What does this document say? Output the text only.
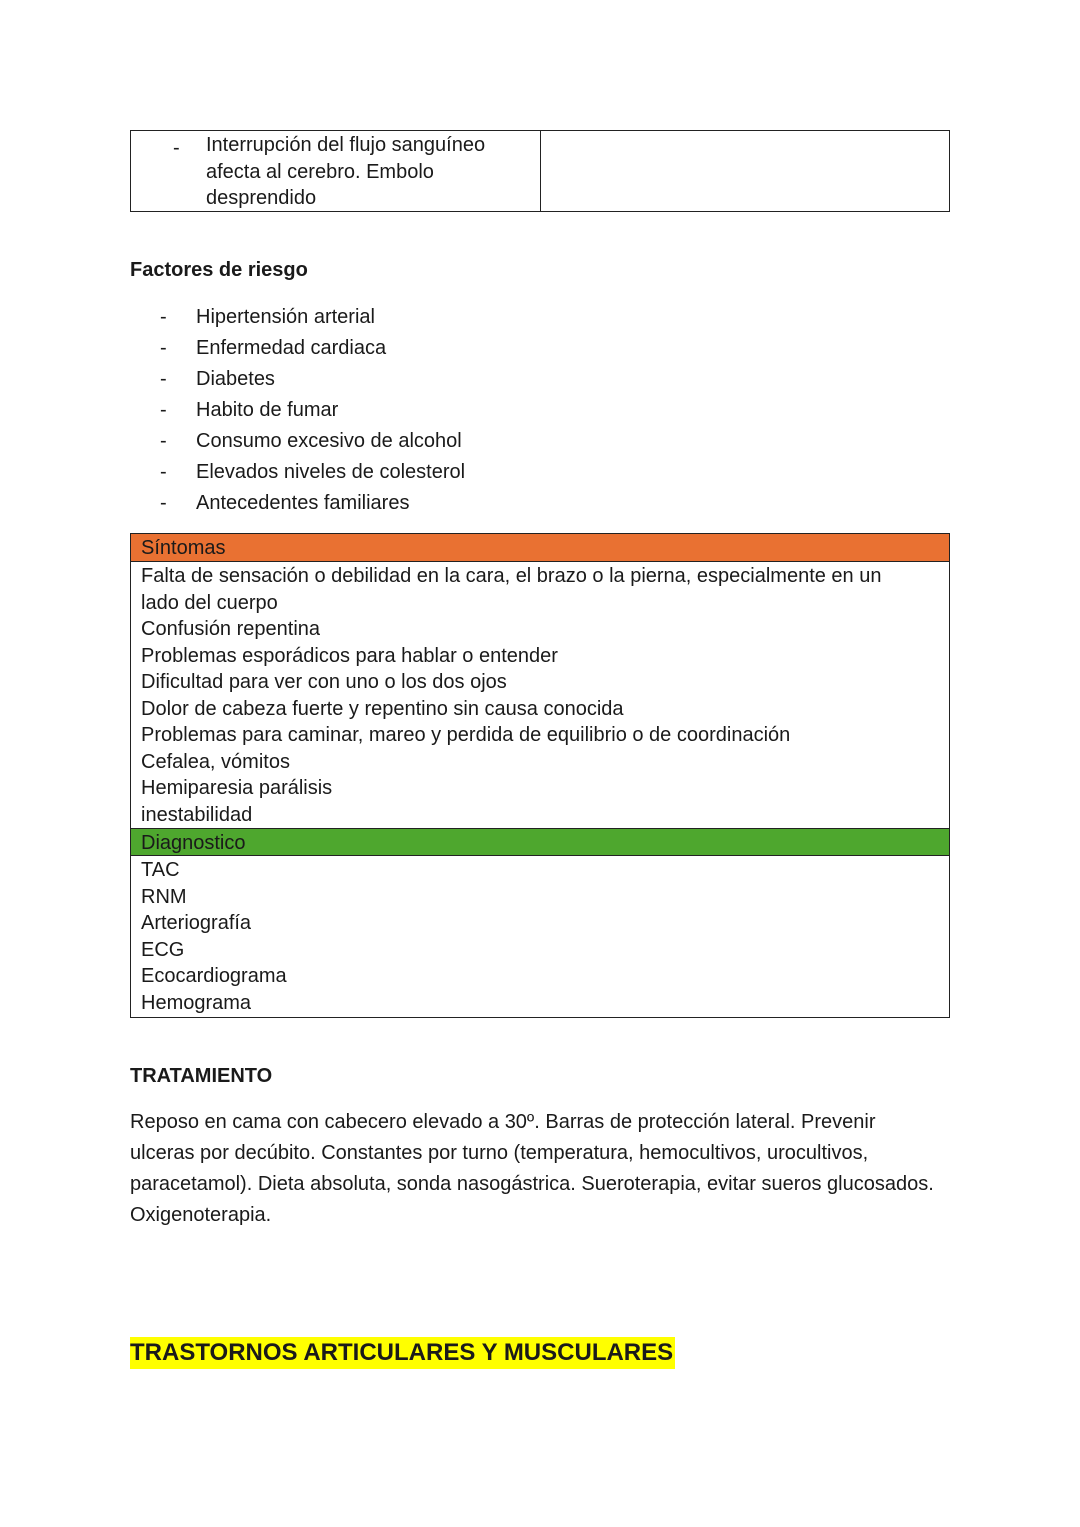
- Interrupción del flujo sanguíneo afecta al cerebro. Embolo desprendido
Factores de riesgo
-	Hipertensión arterial
-	Enfermedad cardiaca
-	Diabetes
-	Habito de fumar
-	Consumo excesivo de alcohol
-	Elevados niveles de colesterol
-	Antecedentes familiares
Síntomas
Falta de sensación o debilidad en la cara, el brazo o la pierna, especialmente en un
lado del cuerpo
Confusión repentina
Problemas esporádicos para hablar o entender
Dificultad para ver con uno o los dos ojos
Dolor de cabeza fuerte y repentino sin causa conocida
Problemas para caminar, mareo y perdida de equilibrio o de coordinación
Cefalea, vómitos
Hemiparesia parálisis
inestabilidad
Diagnostico
TAC
RNM
Arteriografía
ECG
Ecocardiograma
Hemograma
TRATAMIENTO

Reposo en cama con cabecero elevado a 30º. Barras de protección lateral. Prevenir ulceras por decúbito. Constantes por turno (temperatura, hemocultivos, urocultivos, paracetamol). Dieta absoluta, sonda nasogástrica. Sueroterapia, evitar sueros glucosados. Oxigenoterapia.

TRASTORNOS ARTICULARES Y MUSCULARES
